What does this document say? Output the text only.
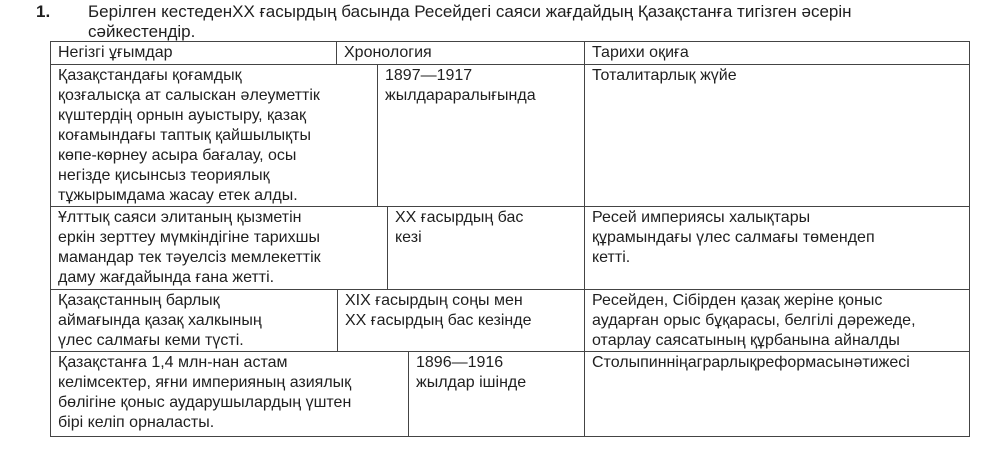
1. Берілген кестеденХХ ғасырдың басында Ресейдегі саяси жағдайдың Қазақстанға тигізген әсерін
сәйкестендір.
Негізгі ұғымдар	Хронология	Тарихи оқиға
Қазақстандағы қоғамдық
қозғалысқа ат салыскан әлеуметтік
күштердің орнын ауыстыру, қазақ
коғамындағы таптық қайшылықты
көпе-көрнеу асыра бағалау, осы
негізде қисынсыз теориялық
тұжырымдама жасау етек алды.
1897—1917
жылдараралығында
Тоталитарлық жүйе
Ұлттық саяси элитаның қызметін
еркін зерттеу мүмкіндігіне тарихшы
мамандар тек тәуелсіз мемлекеттік
даму жағдайында ғана жетті.
ХХ ғасырдың бас
кезі
Ресей империясы халықтары
құрамындағы үлес салмағы төмендеп
кетті.
Қазақстанның барлық
аймағында қазақ халкының
үлес салмағы кеми түсті.
ХІХ ғасырдың соңы мен
ХХ ғасырдың бас кезінде
Ресейден, Сібірден қазақ жеріне қоныс
аударған орыс бұқарасы, белгілі дәрежеде,
отарлау саясатының құрбанына айналды
Қазақстанға 1,4 млн-нан астам
келімсектер, яғни империяның азиялық
бөлігіне қоныс аударушылардың үштен
бірі келіп орналасты.
1896—1916
жылдар ішінде
Столыпинніңаграрлықреформасынәтижесі
